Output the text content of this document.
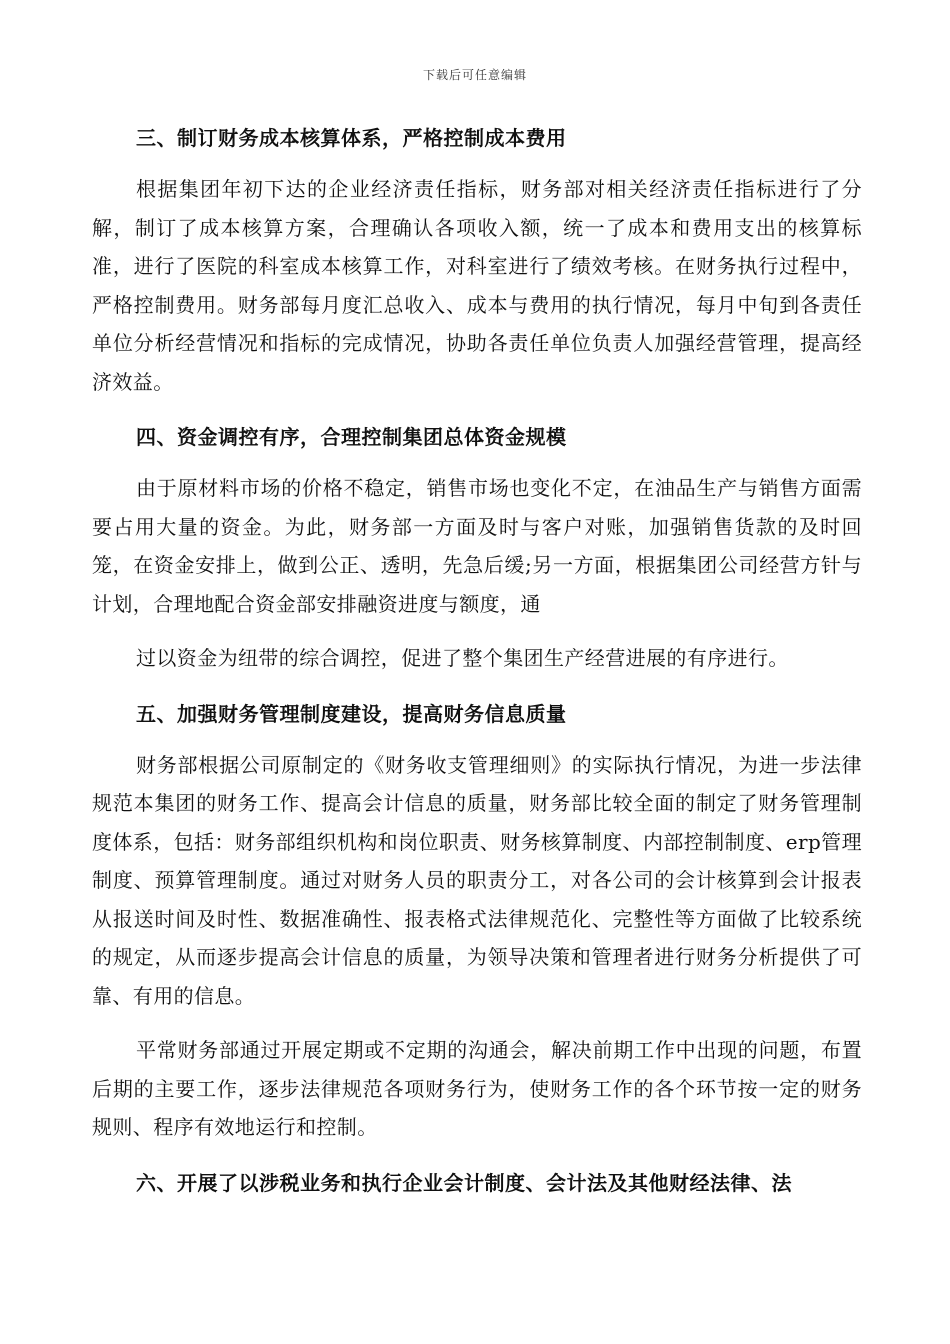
下载后可任意编辑
三、制订财务成本核算体系，严格控制成本费用

根据集团年初下达的企业经济责任指标，财务部对相关经济责任指标进行了分解，制订了成本核算方案，合理确认各项收入额，统一了成本和费用支出的核算标准，进行了医院的科室成本核算工作，对科室进行了绩效考核。在财务执行过程中，严格控制费用。财务部每月度汇总收入、成本与费用的执行情况，每月中旬到各责任单位分析经营情况和指标的完成情况，协助各责任单位负责人加强经营管理，提高经济效益。

四、资金调控有序，合理控制集团总体资金规模

由于原材料市场的价格不稳定，销售市场也变化不定，在油品生产与销售方面需要占用大量的资金。为此，财务部一方面及时与客户对账，加强销售货款的及时回笼，在资金安排上，做到公正、透明，先急后缓;另一方面，根据集团公司经营方针与计划，合理地配合资金部安排融资进度与额度，通

过以资金为纽带的综合调控，促进了整个集团生产经营进展的有序进行。

五、加强财务管理制度建设，提高财务信息质量

财务部根据公司原制定的《财务收支管理细则》的实际执行情况，为进一步法律规范本集团的财务工作、提高会计信息的质量，财务部比较全面的制定了财务管理制度体系，包括：财务部组织机构和岗位职责、财务核算制度、内部控制制度、erp管理制度、预算管理制度。通过对财务人员的职责分工，对各公司的会计核算到会计报表从报送时间及时性、数据准确性、报表格式法律规范化、完整性等方面做了比较系统的规定，从而逐步提高会计信息的质量，为领导决策和管理者进行财务分析提供了可靠、有用的信息。

平常财务部通过开展定期或不定期的沟通会，解决前期工作中出现的问题，布置后期的主要工作，逐步法律规范各项财务行为，使财务工作的各个环节按一定的财务规则、程序有效地运行和控制。

六、开展了以涉税业务和执行企业会计制度、会计法及其他财经法律、法
